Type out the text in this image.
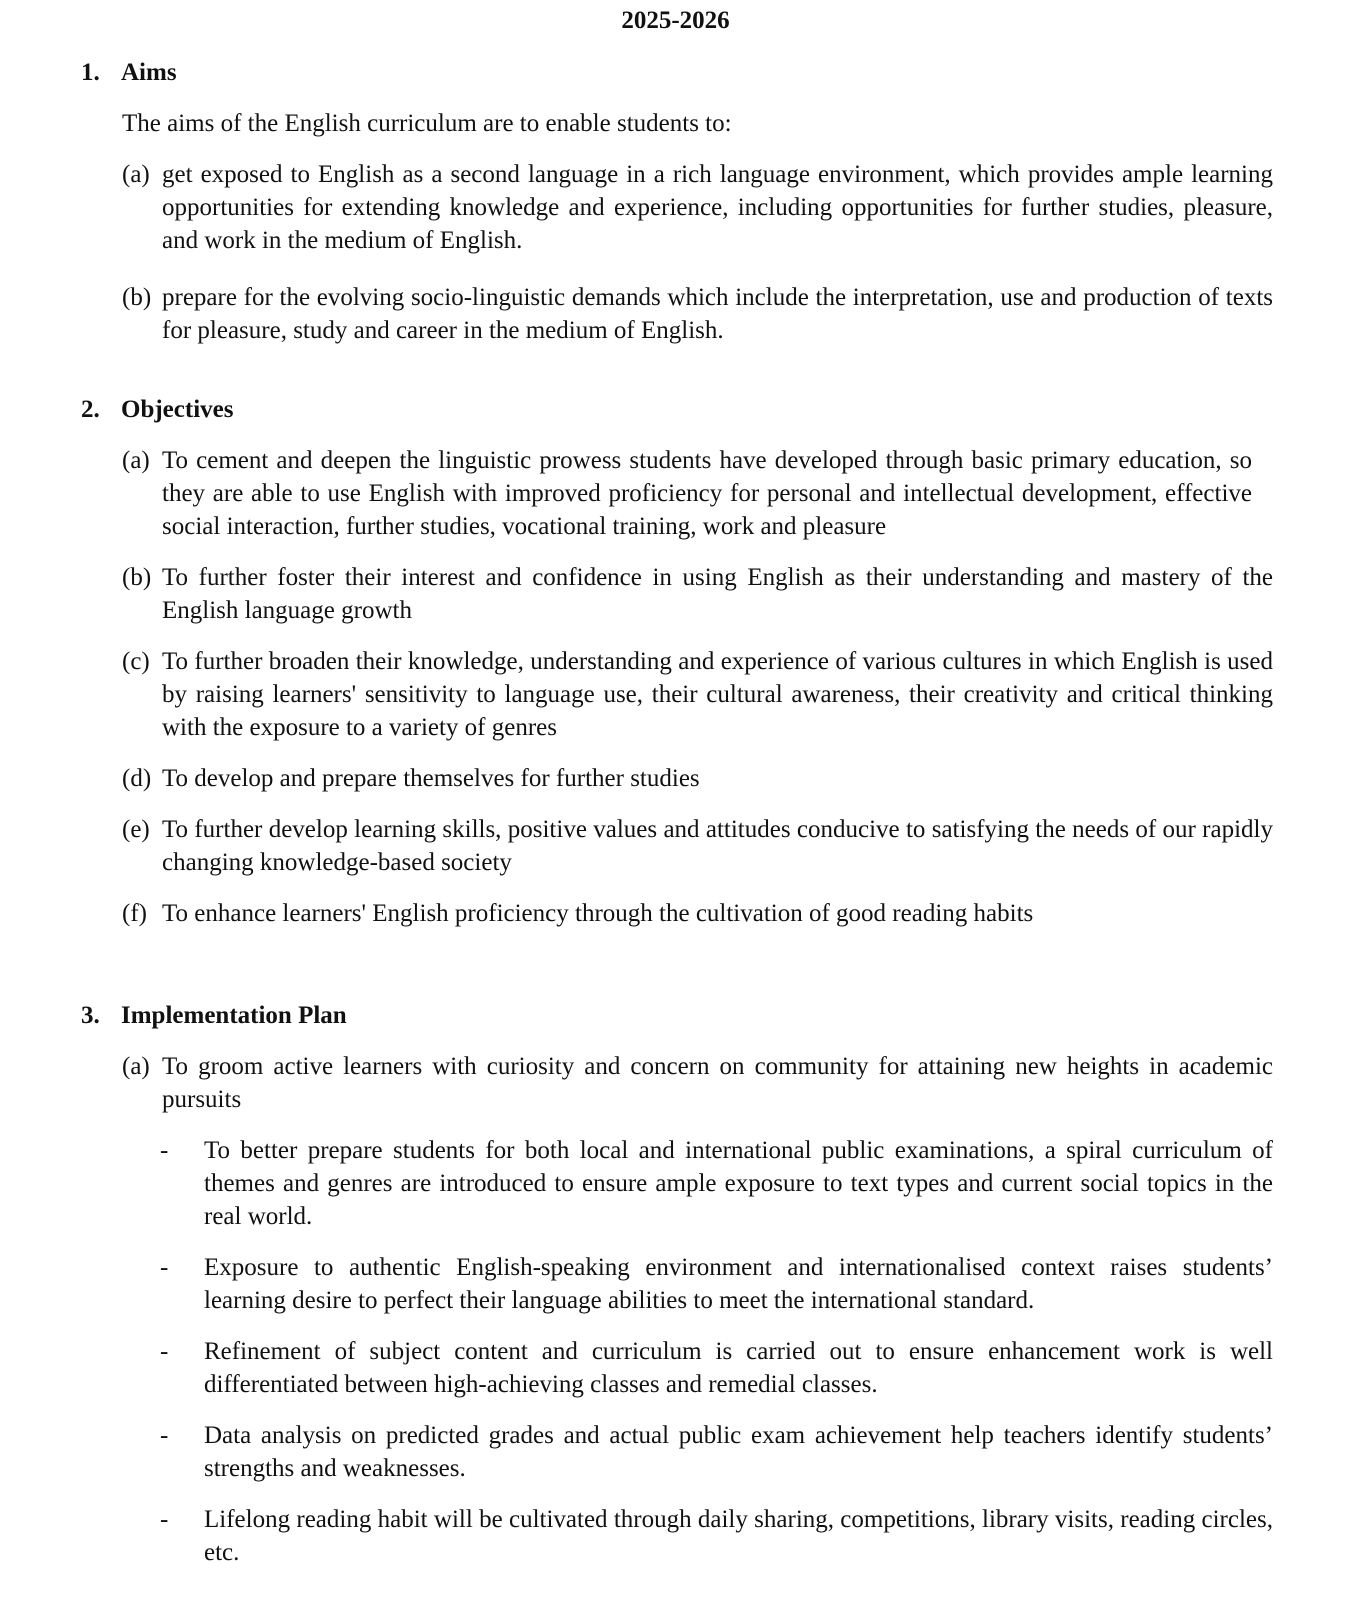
2025-2026
1. Aims
The aims of the English curriculum are to enable students to:
(a) get exposed to English as a second language in a rich language environment, which provides ample learning opportunities for extending knowledge and experience, including opportunities for further studies, pleasure, and work in the medium of English.
(b) prepare for the evolving socio-linguistic demands which include the interpretation, use and production of texts for pleasure, study and career in the medium of English.
2. Objectives
(a) To cement and deepen the linguistic prowess students have developed through basic primary education, so they are able to use English with improved proficiency for personal and intellectual development, effective social interaction, further studies, vocational training, work and pleasure
(b) To further foster their interest and confidence in using English as their understanding and mastery of the English language growth
(c) To further broaden their knowledge, understanding and experience of various cultures in which English is used by raising learners' sensitivity to language use, their cultural awareness, their creativity and critical thinking with the exposure to a variety of genres
(d) To develop and prepare themselves for further studies
(e) To further develop learning skills, positive values and attitudes conducive to satisfying the needs of our rapidly changing knowledge-based society
(f) To enhance learners' English proficiency through the cultivation of good reading habits
3. Implementation Plan
(a) To groom active learners with curiosity and concern on community for attaining new heights in academic pursuits
-	To better prepare students for both local and international public examinations, a spiral curriculum of themes and genres are introduced to ensure ample exposure to text types and current social topics in the real world.
-	Exposure to authentic English-speaking environment and internationalised context raises students’ learning desire to perfect their language abilities to meet the international standard.
-	Refinement of subject content and curriculum is carried out to ensure enhancement work is well differentiated between high-achieving classes and remedial classes.
-	Data analysis on predicted grades and actual public exam achievement help teachers identify students’ strengths and weaknesses.
-	Lifelong reading habit will be cultivated through daily sharing, competitions, library visits, reading circles, etc.
